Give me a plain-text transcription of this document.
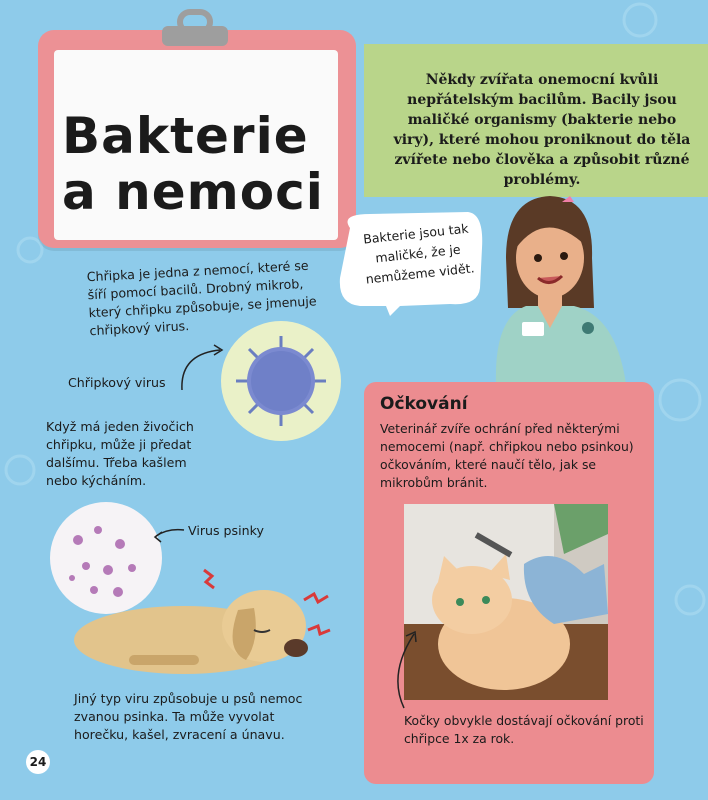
Bakterie
a nemoci
Někdy zvířata onemocní kvůli nepřátelským bacilům. Bacily jsou maličké organismy (bakterie nebo viry), které mohou proniknout do těla zvířete nebo člověka a způsobit různé problémy.
Bakterie jsou tak maličké, že je nemůžeme vidět.
Chřipka je jedna z nemocí, které se šíří pomocí bacilů. Drobný mikrob, který chřipku způsobuje, se jmenuje chřipkový virus.
Chřipkový virus
Když má jeden živočich chřipku, může ji předat dalšímu. Třeba kašlem nebo kýcháním.
Virus psinky
Jiný typ viru způsobuje u psů nemoc zvanou psinka. Ta může vyvolat horečku, kašel, zvracení a únavu.
Očkování
Veterinář zvíře ochrání před některými nemocemi (např. chřipkou nebo psinkou) očkováním, které naučí tělo, jak se mikrobům bránit.
Kočky obvykle dostávají očkování proti chřipce 1x za rok.
24
